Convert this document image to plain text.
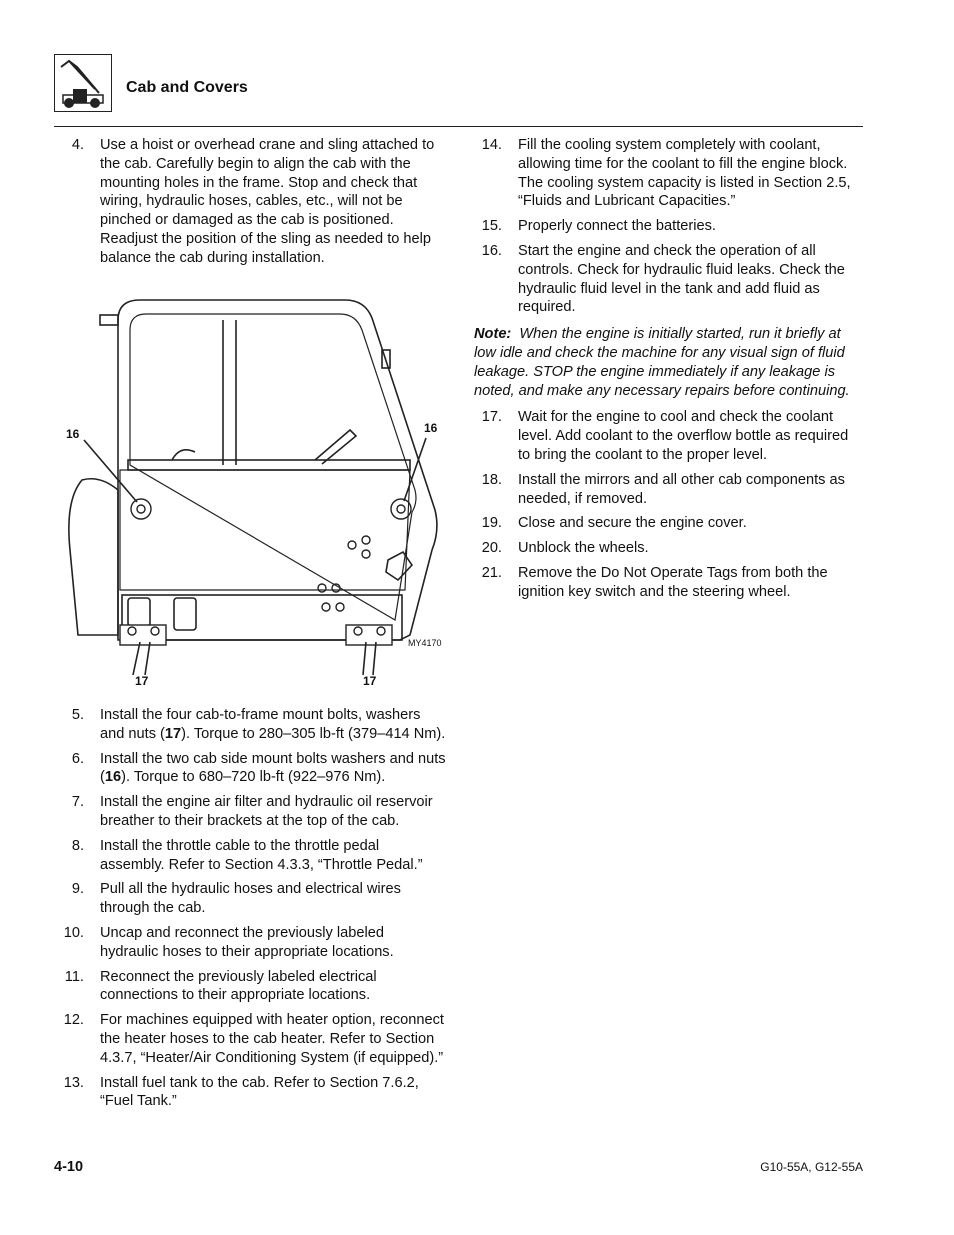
Cab and Covers
4. Use a hoist or overhead crane and sling attached to the cab. Carefully begin to align the cab with the mounting holes in the frame. Stop and check that wiring, hydraulic hoses, cables, etc., will not be pinched or damaged as the cab is positioned. Readjust the position of the sling as needed to help balance the cab during installation.
16	16
17	17
MY4170
5. Install the four cab-to-frame mount bolts, washers and nuts (17). Torque to 280–305 lb-ft (379–414 Nm).
6. Install the two cab side mount bolts washers and nuts (16). Torque to 680–720 lb-ft (922–976 Nm).
7. Install the engine air filter and hydraulic oil reservoir breather to their brackets at the top of the cab.
8. Install the throttle cable to the throttle pedal assembly. Refer to Section 4.3.3, “Throttle Pedal.”
9. Pull all the hydraulic hoses and electrical wires through the cab.
10. Uncap and reconnect the previously labeled hydraulic hoses to their appropriate locations.
11. Reconnect the previously labeled electrical connections to their appropriate locations.
12. For machines equipped with heater option, reconnect the heater hoses to the cab heater. Refer to Section 4.3.7, “Heater/Air Conditioning System (if equipped).”
13. Install fuel tank to the cab. Refer to Section 7.6.2, “Fuel Tank.”
14. Fill the cooling system completely with coolant, allowing time for the coolant to fill the engine block. The cooling system capacity is listed in Section 2.5, “Fluids and Lubricant Capacities.”
15. Properly connect the batteries.
16. Start the engine and check the operation of all controls. Check for hydraulic fluid leaks. Check the hydraulic fluid level in the tank and add fluid as required.
Note: When the engine is initially started, run it briefly at low idle and check the machine for any visual sign of fluid leakage. STOP the engine immediately if any leakage is noted, and make any necessary repairs before continuing.
17. Wait for the engine to cool and check the coolant level. Add coolant to the overflow bottle as required to bring the coolant to the proper level.
18. Install the mirrors and all other cab components as needed, if removed.
19. Close and secure the engine cover.
20. Unblock the wheels.
21. Remove the Do Not Operate Tags from both the ignition key switch and the steering wheel.
4-10	G10-55A, G12-55A
